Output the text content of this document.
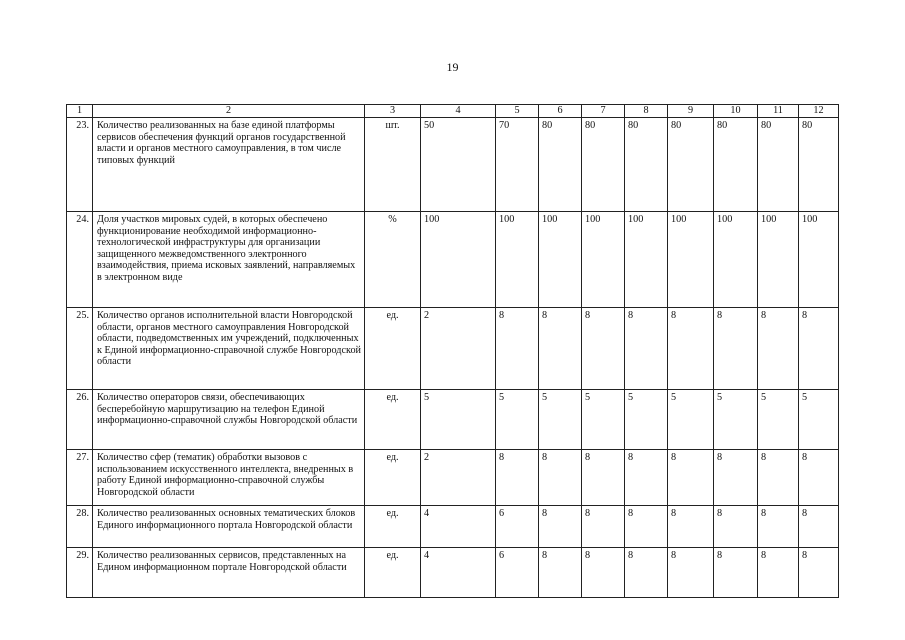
19
1	2	3	4	5	6	7	8	9	10	11	12
23.	Количество реализованных на базе единой платформы сервисов обеспечения функций органов государственной власти и органов местного самоуправления, в том числе типовых функций	шт.	50	70	80	80	80	80	80	80	80
24.	Доля участков мировых судей, в которых обеспечено функционирование необходимой информационно-технологической инфраструктуры для организации защищенного межведомственного электронного взаимодействия, приема исковых заявлений, направляемых в электронном виде	%	100	100	100	100	100	100	100	100	100
25.	Количество органов исполнительной власти Новгородской области, органов местного самоуправления Новгородской области, подведомственных им учреждений, подключенных к Единой информационно-справочной службе Новгородской области	ед.	2	8	8	8	8	8	8	8	8
26.	Количество операторов связи, обеспечивающих бесперебойную маршрутизацию на телефон Единой информационно-справочной службы Новгородской области	ед.	5	5	5	5	5	5	5	5	5
27.	Количество сфер (тематик) обработки вызовов с использованием искусственного интеллекта, внедренных в работу Единой информационно-справочной службы Новгородской области	ед.	2	8	8	8	8	8	8	8	8
28.	Количество реализованных основных тематических блоков Единого информационного портала Новгородской области	ед.	4	6	8	8	8	8	8	8	8
29.	Количество реализованных сервисов, представленных на Едином информационном портале Новгородской области	ед.	4	6	8	8	8	8	8	8	8
